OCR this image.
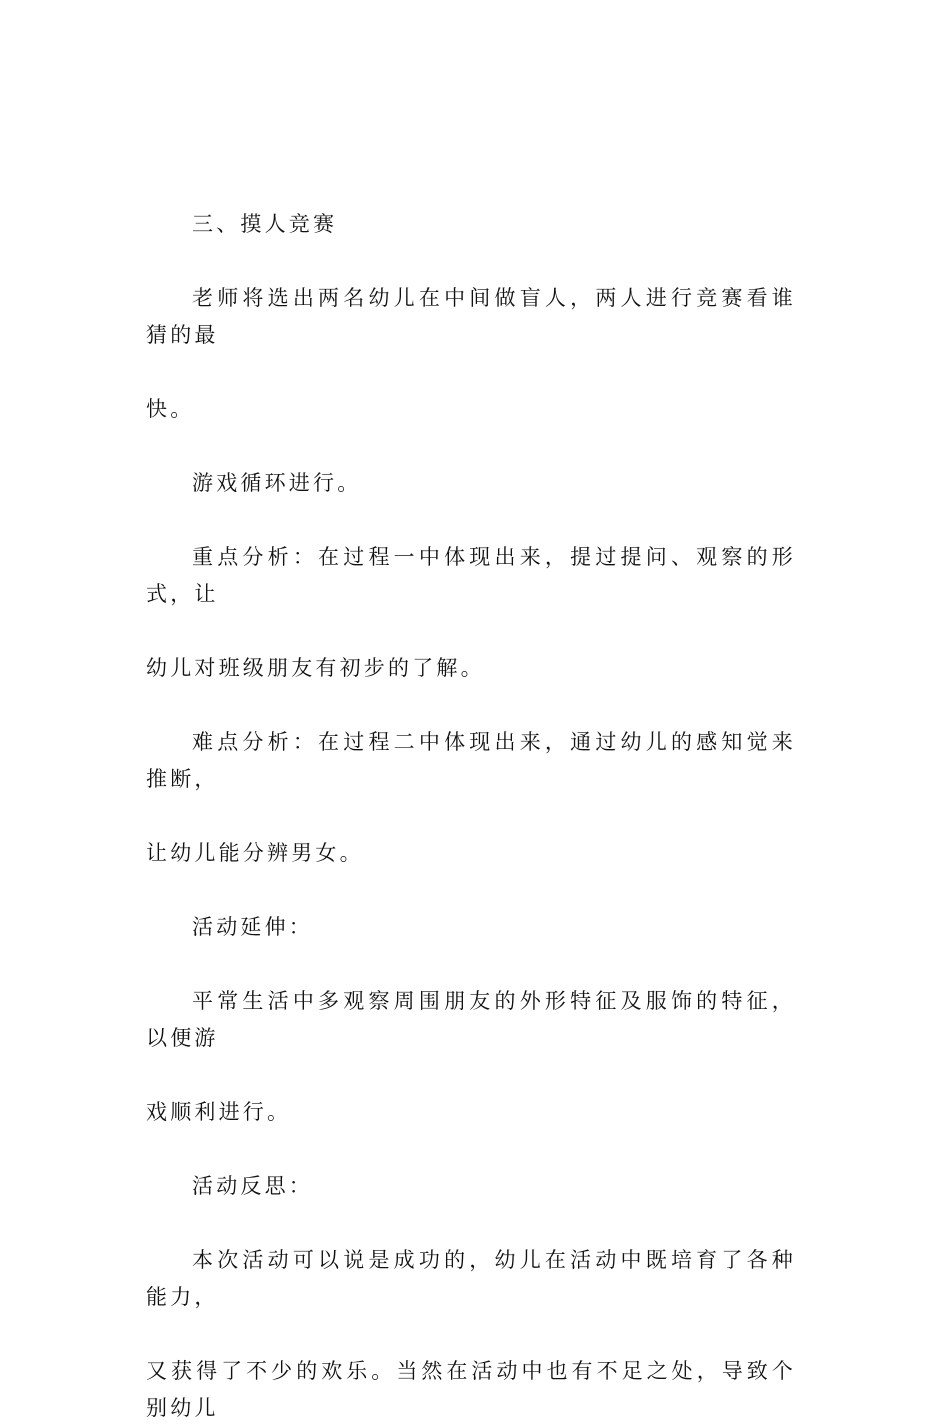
三、摸人竞赛

老师将选出两名幼儿在中间做盲人，两人进行竞赛看谁猜的最
快。

游戏循环进行。

重点分析：在过程一中体现出来，提过提问、观察的形式，让
幼儿对班级朋友有初步的了解。

难点分析：在过程二中体现出来，通过幼儿的感知觉来推断，
让幼儿能分辨男女。

活动延伸：

平常生活中多观察周围朋友的外形特征及服饰的特征，以便游
戏顺利进行。

活动反思：

本次活动可以说是成功的，幼儿在活动中既培育了各种能力，
又获得了不少的欢乐。当然在活动中也有不足之处，导致个别幼儿
